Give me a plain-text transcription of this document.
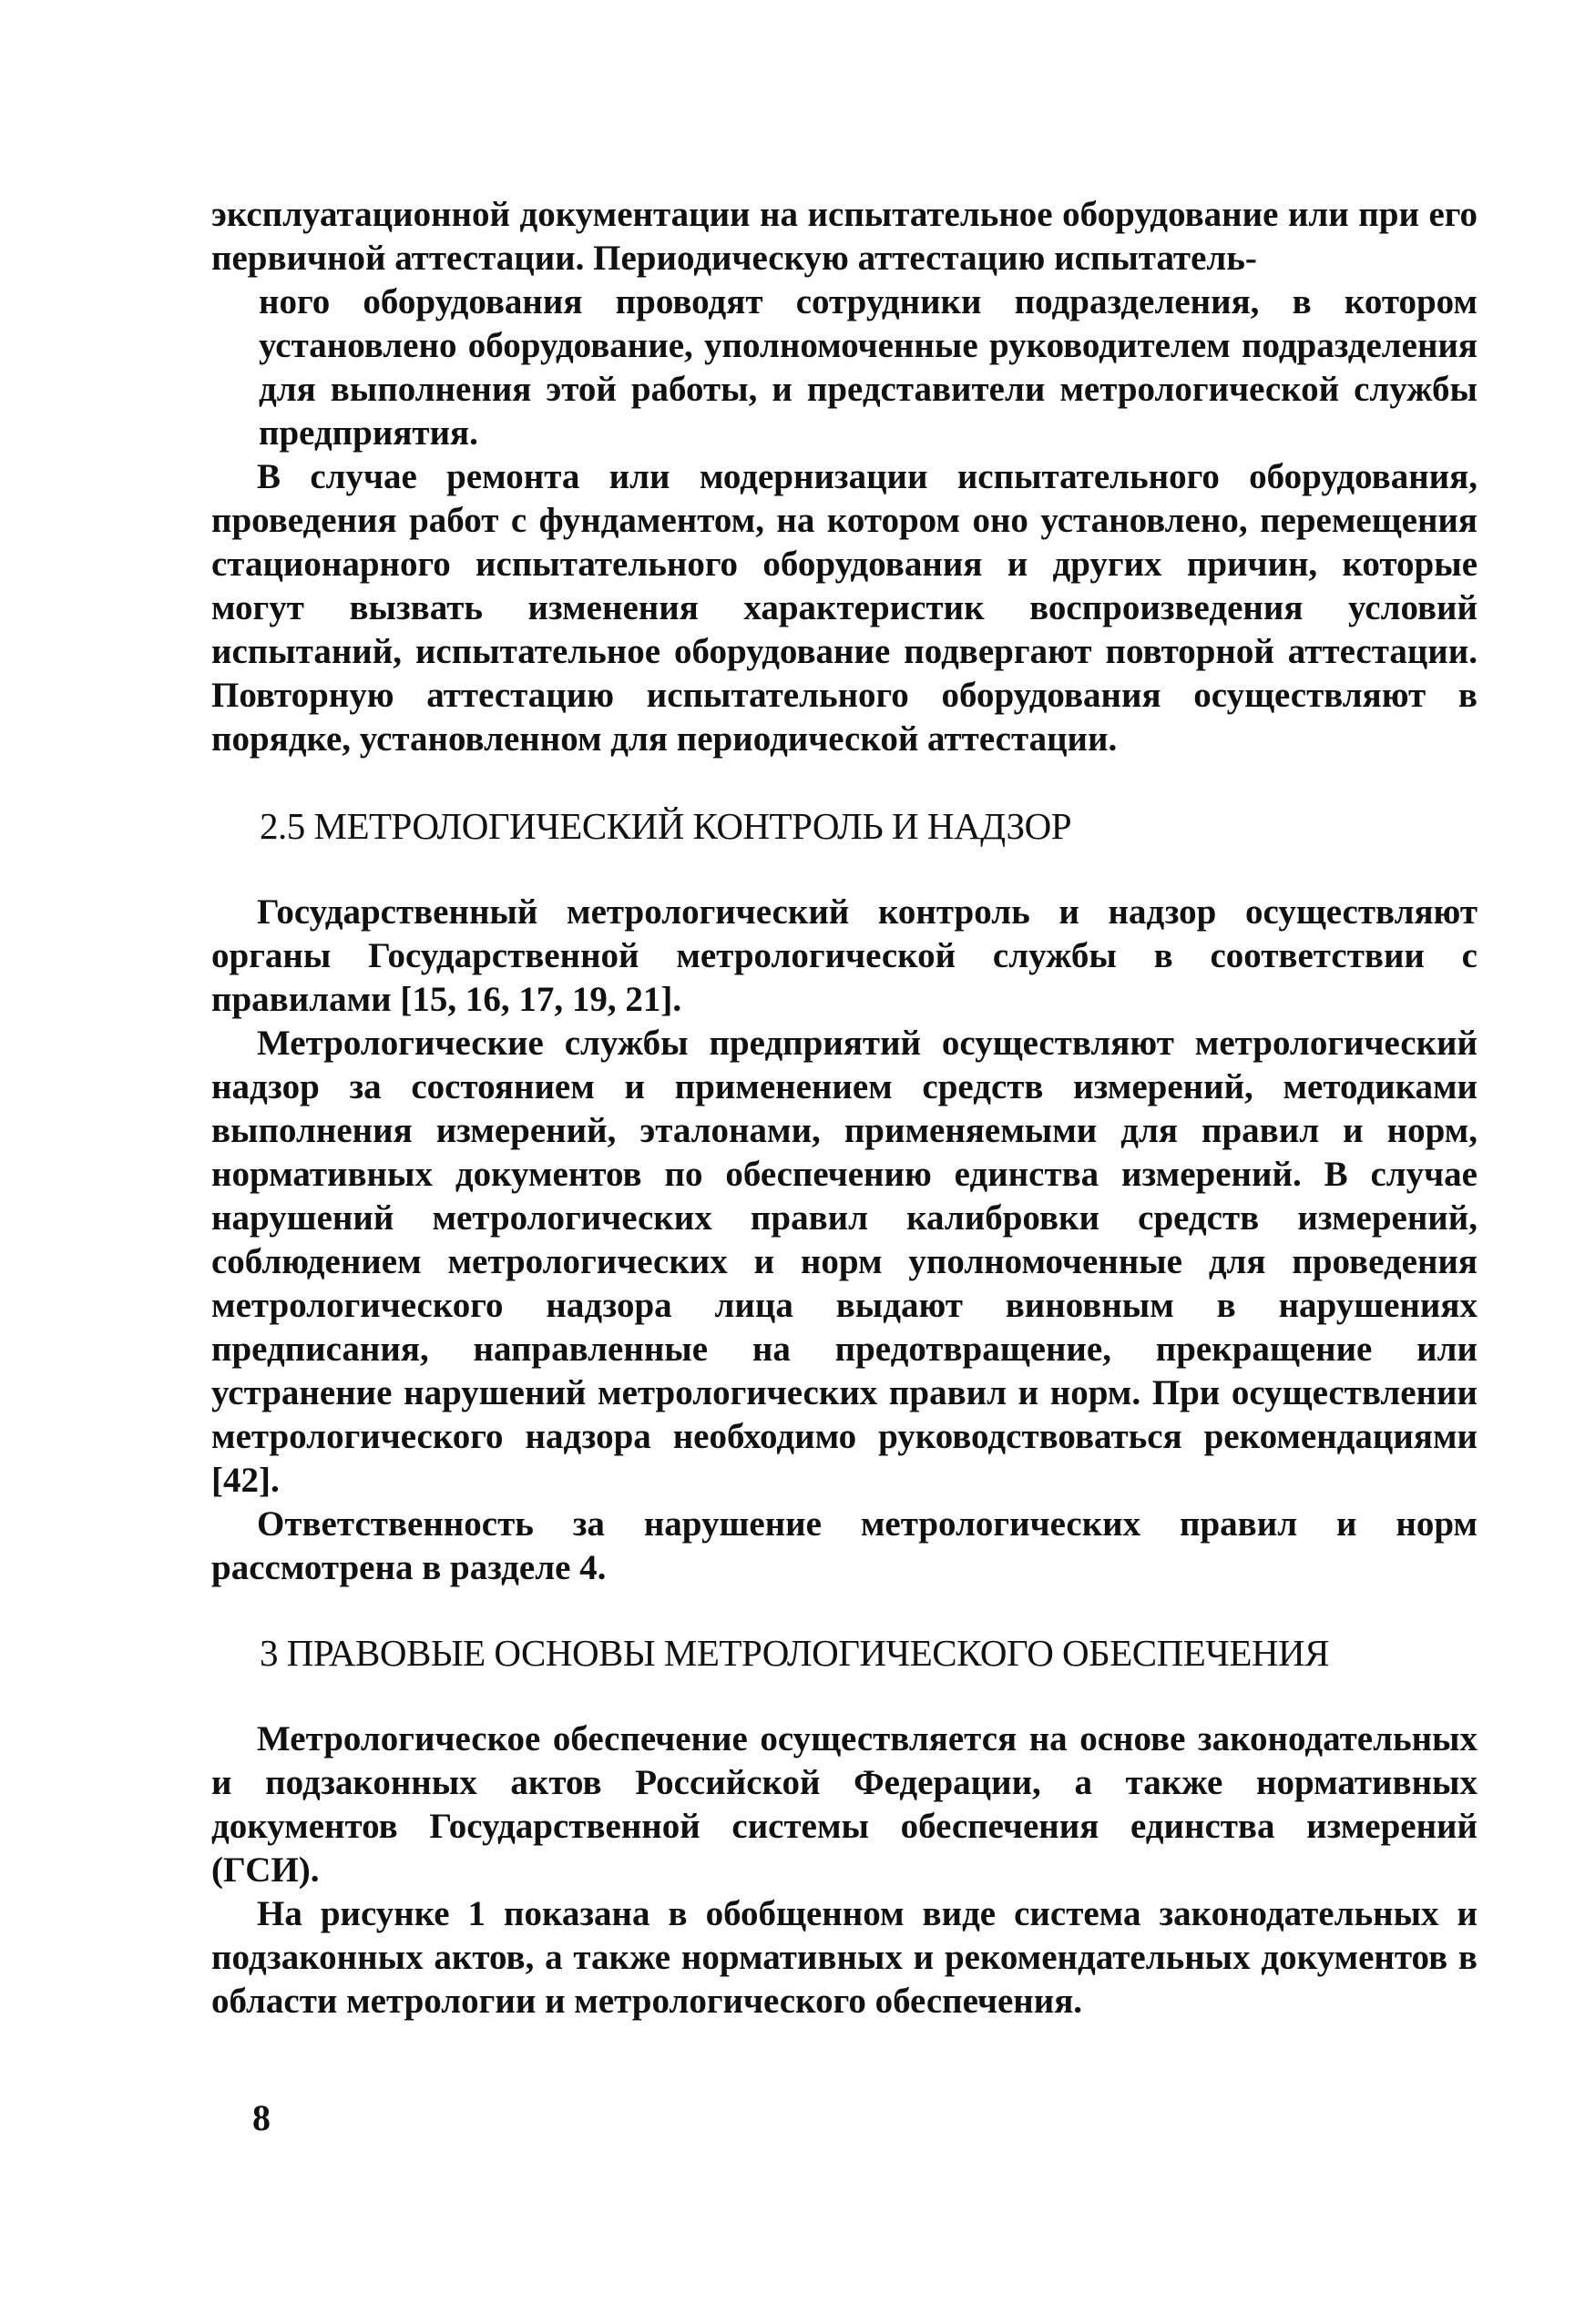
эксплуатационной документации на испытательное оборудование или при его первичной аттестации. Периодическую аттестацию испытатель-

ного оборудования проводят сотрудники подразделения, в котором установлено оборудование, уполномоченные руководителем подразделения для выполнения этой работы, и представители метрологической службы предприятия.

В случае ремонта или модернизации испытательного оборудования, проведения работ с фундаментом, на котором оно установлено, перемещения стационарного испытательного оборудования и других причин, которые могут вызвать изменения характеристик воспроизведения условий испытаний, испытательное оборудование подвергают повторной аттестации. Повторную аттестацию испытательного оборудования осуществляют в порядке, установленном для периодической аттестации.

2.5 МЕТРОЛОГИЧЕСКИЙ КОНТРОЛЬ И НАДЗОР

Государственный метрологический контроль и надзор осуществляют органы Государственной метрологической службы в соответствии с правилами [15, 16, 17, 19, 21].

Метрологические службы предприятий осуществляют метрологический надзор за состоянием и применением средств измерений, методиками выполнения измерений, эталонами, применяемыми для правил и норм, нормативных документов по обеспечению единства измерений. В случае нарушений метрологических правил калибровки средств измерений, соблюдением метрологических и норм уполномоченные для проведения метрологического надзора лица выдают виновным в нарушениях предписания, направленные на предотвращение, прекращение или устранение нарушений метрологических правил и норм. При осуществлении метрологического надзора необходимо руководствоваться рекомендациями [42].

Ответственность за нарушение метрологических правил и норм рассмотрена в разделе 4.

3 ПРАВОВЫЕ ОСНОВЫ МЕТРОЛОГИЧЕСКОГО ОБЕСПЕЧЕНИЯ

Метрологическое обеспечение осуществляется на основе законодательных и подзаконных актов Российской Федерации, а также нормативных документов Государственной системы обеспечения единства измерений (ГСИ).

На рисунке 1 показана в обобщенном виде система законодательных и подзаконных актов, а также нормативных и рекомендательных документов в области метрологии и метрологического обеспечения.

8
